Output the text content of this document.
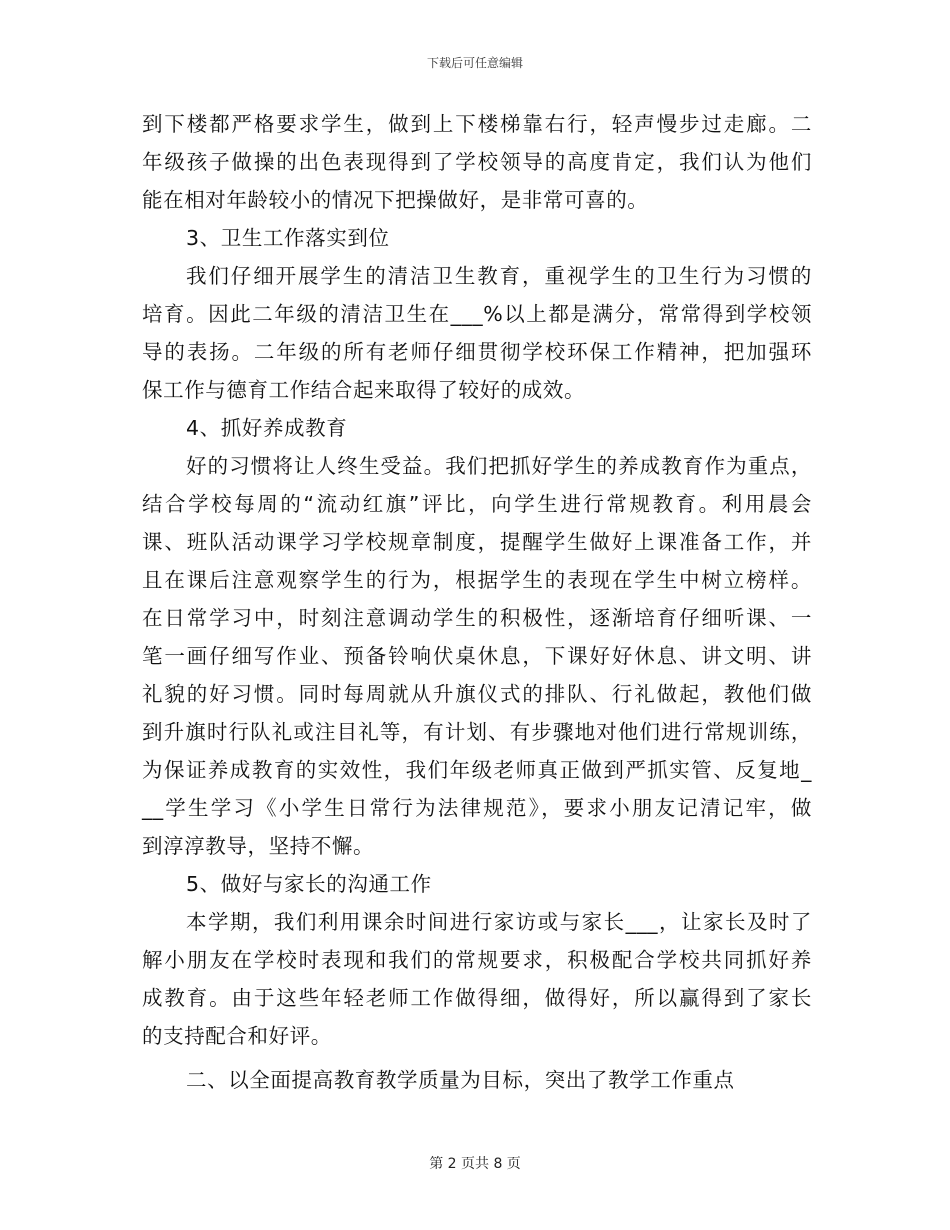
下载后可任意编辑
到下楼都严格要求学生，做到上下楼梯靠右行，轻声慢步过走廊。二
年级孩子做操的出色表现得到了学校领导的高度肯定，我们认为他们
能在相对年龄较小的情况下把操做好，是非常可喜的。
3、卫生工作落实到位
我们仔细开展学生的清洁卫生教育，重视学生的卫生行为习惯的
培育。因此二年级的清洁卫生在___%以上都是满分，常常得到学校领
导的表扬。二年级的所有老师仔细贯彻学校环保工作精神，把加强环
保工作与德育工作结合起来取得了较好的成效。
4、抓好养成教育
好的习惯将让人终生受益。我们把抓好学生的养成教育作为重点，
结合学校每周的“流动红旗”评比，向学生进行常规教育。利用晨会
课、班队活动课学习学校规章制度，提醒学生做好上课准备工作，并
且在课后注意观察学生的行为，根据学生的表现在学生中树立榜样。
在日常学习中，时刻注意调动学生的积极性，逐渐培育仔细听课、一
笔一画仔细写作业、预备铃响伏桌休息，下课好好休息、讲文明、讲
礼貌的好习惯。同时每周就从升旗仪式的排队、行礼做起，教他们做
到升旗时行队礼或注目礼等，有计划、有步骤地对他们进行常规训练，
为保证养成教育的实效性，我们年级老师真正做到严抓实管、反复地_
__学生学习《小学生日常行为法律规范》，要求小朋友记清记牢，做
到淳淳教导，坚持不懈。
5、做好与家长的沟通工作
本学期，我们利用课余时间进行家访或与家长___，让家长及时了
解小朋友在学校时表现和我们的常规要求，积极配合学校共同抓好养
成教育。由于这些年轻老师工作做得细，做得好，所以赢得到了家长
的支持配合和好评。
二、以全面提高教育教学质量为目标，突出了教学工作重点
第 2 页共 8 页
